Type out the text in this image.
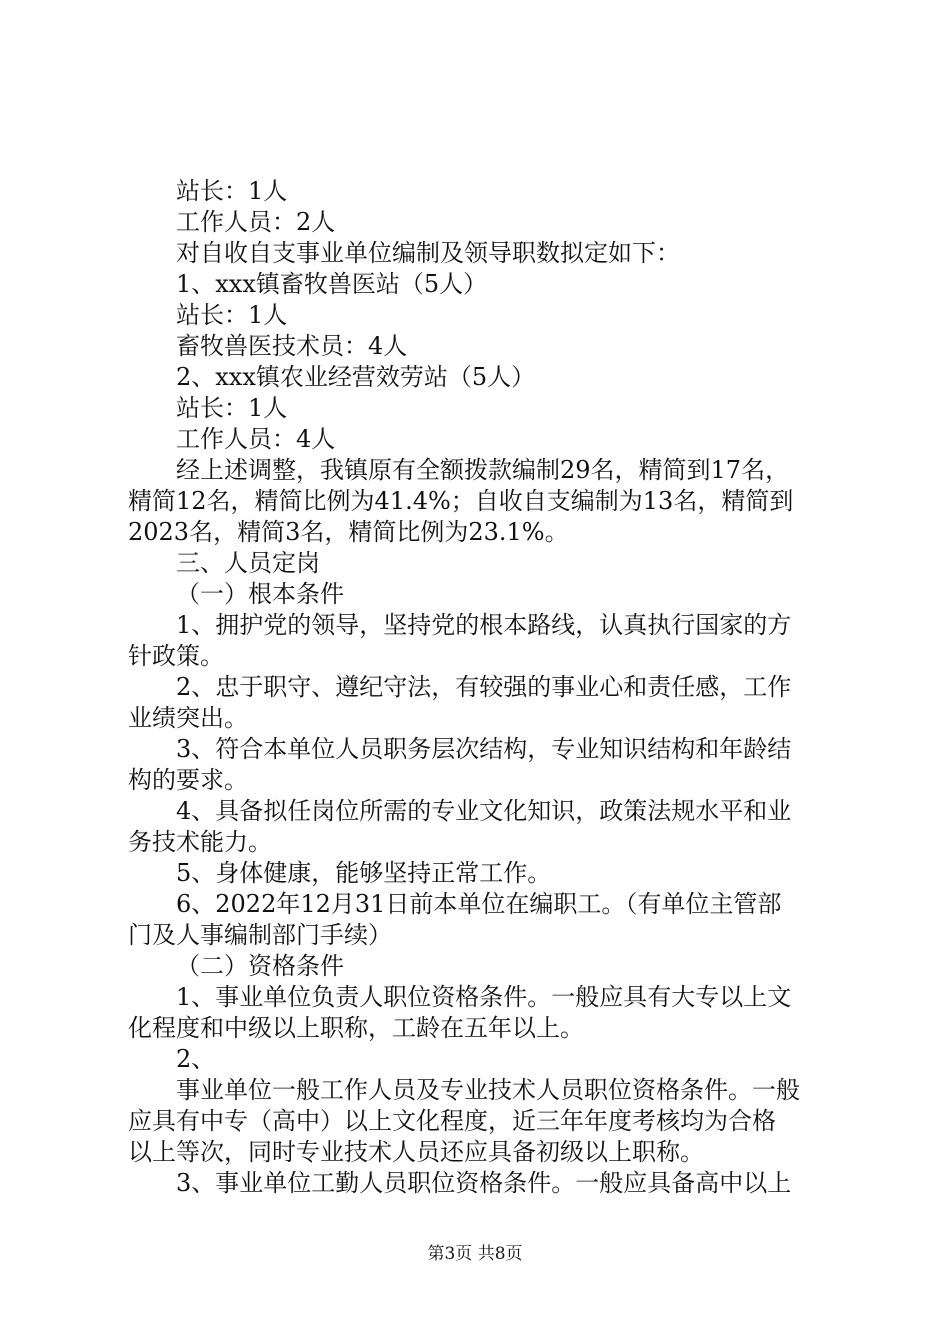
站长：1人
工作人员：2人
对自收自支事业单位编制及领导职数拟定如下：
1、xxx镇畜牧兽医站（5人）
站长：1人
畜牧兽医技术员：4人
2、xxx镇农业经营效劳站（5人）
站长：1人
工作人员：4人
经上述调整，我镇原有全额拨款编制29名，精简到17名，
精简12名，精简比例为41.4%；自收自支编制为13名，精简到
2023名，精简3名，精简比例为23.1%。
三、人员定岗
（一）根本条件
1、拥护党的领导，坚持党的根本路线，认真执行国家的方
针政策。
2、忠于职守、遵纪守法，有较强的事业心和责任感，工作
业绩突出。
3、符合本单位人员职务层次结构，专业知识结构和年龄结
构的要求。
4、具备拟任岗位所需的专业文化知识，政策法规水平和业
务技术能力。
5、身体健康，能够坚持正常工作。
6、2022年12月31日前本单位在编职工。（有单位主管部
门及人事编制部门手续）
（二）资格条件
1、事业单位负责人职位资格条件。一般应具有大专以上文
化程度和中级以上职称，工龄在五年以上。
2、
事业单位一般工作人员及专业技术人员职位资格条件。一般
应具有中专（高中）以上文化程度，近三年年度考核均为合格
以上等次，同时专业技术人员还应具备初级以上职称。
3、事业单位工勤人员职位资格条件。一般应具备高中以上
第3页 共8页
